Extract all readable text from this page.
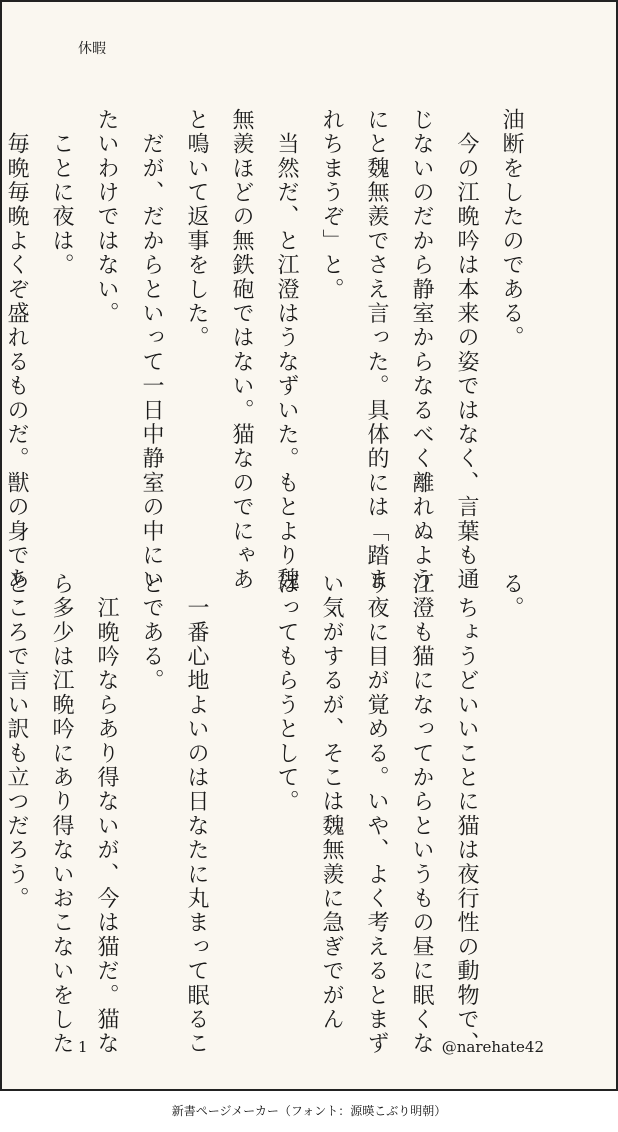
休暇

油断をしたのである。

　今の江晩吟は本来の姿ではなく、言葉も通

じないのだから静室からなるべく離れぬよう

にと魏無羨でさえ言った。具体的には「踏ま

れちまうぞ」と。

　当然だ、と江澄はうなずいた。もとより魏

無羨ほどの無鉄砲ではない。猫なのでにゃあ

と鳴いて返事をした。

　だが、だからといって一日中静室の中にい

たいわけではない。

　ことに夜は。

　毎晩毎晩よくぞ盛れるものだ。獣の身であ

る。

　ちょうどいいことに猫は夜行性の動物で、

江澄も猫になってからというもの昼に眠くな

り夜に目が覚める。いや、よく考えるとまず

い気がするが、そこは魏無羨に急ぎでがん

ばってもらうとして。

　一番心地よいのは日なたに丸まって眠るこ

とである。

　江晩吟ならあり得ないが、今は猫だ。猫な

ら多少は江晩吟にあり得ないおこないをした

ところで言い訳も立つだろう。

1	@narehate42
新書ページメーカー（フォント：源暎こぶり明朝）
